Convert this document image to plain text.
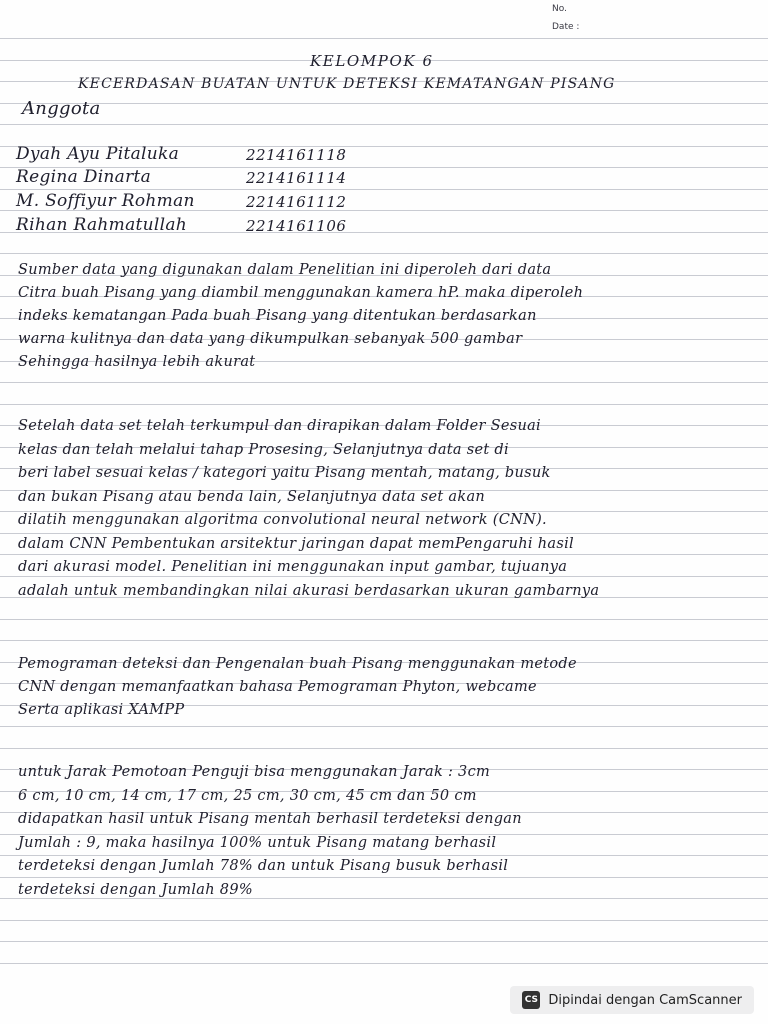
No.
Date :
KELOMPOK 6
KECERDASAN BUATAN UNTUK DETEKSI KEMATANGAN PISANG
Anggota
Dyah Ayu Pitaluka	2214161118
Regina Dinarta	2214161114
M. Soffiyur Rohman	2214161112
Rihan Rahmatullah	2214161106
Sumber data yang digunakan dalam Penelitian ini diperoleh dari data
Citra buah Pisang yang diambil menggunakan kamera hP. maka diperoleh
indeks kematangan Pada buah Pisang yang ditentukan berdasarkan
warna kulitnya dan data yang dikumpulkan sebanyak 500 gambar
Sehingga hasilnya lebih akurat
Setelah data set telah terkumpul dan dirapikan dalam Folder Sesuai
kelas dan telah melalui tahap Prosesing, Selanjutnya data set di
beri label sesuai kelas / kategori yaitu Pisang mentah, matang, busuk
dan bukan Pisang atau benda lain, Selanjutnya data set akan
dilatih menggunakan algoritma convolutional neural network (CNN).
dalam CNN Pembentukan arsitektur jaringan dapat memPengaruhi hasil
dari akurasi model. Penelitian ini menggunakan input gambar, tujuanya
adalah untuk membandingkan nilai akurasi berdasarkan ukuran gambarnya
Pemograman deteksi dan Pengenalan buah Pisang menggunakan metode
CNN dengan memanfaatkan bahasa Pemograman Phyton, webcame
Serta aplikasi XAMPP
untuk Jarak Pemotoan Penguji bisa menggunakan Jarak : 3cm
6 cm, 10 cm, 14 cm, 17 cm, 25 cm, 30 cm, 45 cm dan 50 cm
didapatkan hasil untuk Pisang mentah berhasil terdeteksi dengan
Jumlah : 9, maka hasilnya 100% untuk Pisang matang berhasil
terdeteksi dengan Jumlah 78% dan untuk Pisang busuk berhasil
terdeteksi dengan Jumlah 89%
CS Dipindai dengan CamScanner
